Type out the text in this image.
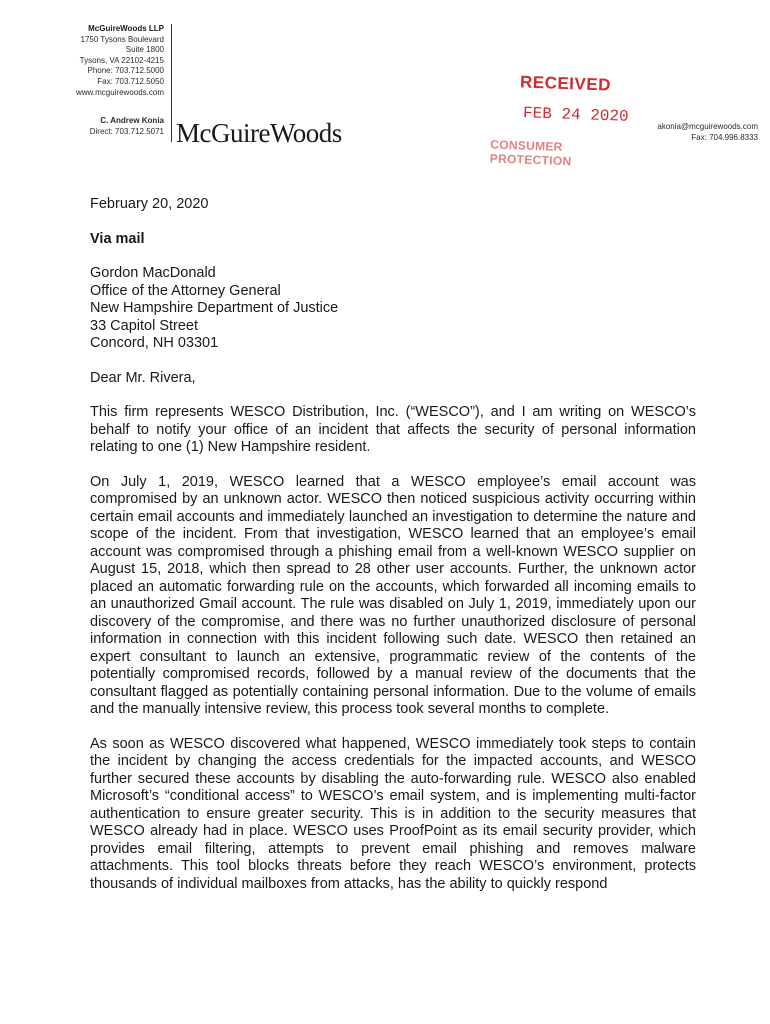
McGuireWoods LLP
1750 Tysons Boulevard
Suite 1800
Tysons, VA 22102-4215
Phone: 703.712.5000
Fax: 703.712.5050
www.mcguirewoods.com
C. Andrew Konia
Direct: 703.712.5071 McGuireWoods
RECEIVED
FEB 24 2020
CONSUMER PROTECTION
akonia@mcguirewoods.com
Fax: 704.996.8333
February 20, 2020
Via mail
Gordon MacDonald
Office of the Attorney General
New Hampshire Department of Justice
33 Capitol Street
Concord, NH 03301
Dear Mr. Rivera,

This firm represents WESCO Distribution, Inc. (“WESCO”), and I am writing on WESCO’s behalf to notify your office of an incident that affects the security of personal information relating to one (1) New Hampshire resident.

On July 1, 2019, WESCO learned that a WESCO employee’s email account was compromised by an unknown actor. WESCO then noticed suspicious activity occurring within certain email accounts and immediately launched an investigation to determine the nature and scope of the incident. From that investigation, WESCO learned that an employee’s email account was compromised through a phishing email from a well-known WESCO supplier on August 15, 2018, which then spread to 28 other user accounts. Further, the unknown actor placed an automatic forwarding rule on the accounts, which forwarded all incoming emails to an unauthorized Gmail account. The rule was disabled on July 1, 2019, immediately upon our discovery of the compromise, and there was no further unauthorized disclosure of personal information in connection with this incident following such date. WESCO then retained an expert consultant to launch an extensive, programmatic review of the contents of the potentially compromised records, followed by a manual review of the documents that the consultant flagged as potentially containing personal information. Due to the volume of emails and the manually intensive review, this process took several months to complete.

As soon as WESCO discovered what happened, WESCO immediately took steps to contain the incident by changing the access credentials for the impacted accounts, and WESCO further secured these accounts by disabling the auto-forwarding rule. WESCO also enabled Microsoft’s “conditional access” to WESCO’s email system, and is implementing multi-factor authentication to ensure greater security. This is in addition to the security measures that WESCO already had in place. WESCO uses ProofPoint as its email security provider, which provides email filtering, attempts to prevent email phishing and removes malware attachments. This tool blocks threats before they reach WESCO’s environment, protects thousands of individual mailboxes from attacks, has the ability to quickly respond
